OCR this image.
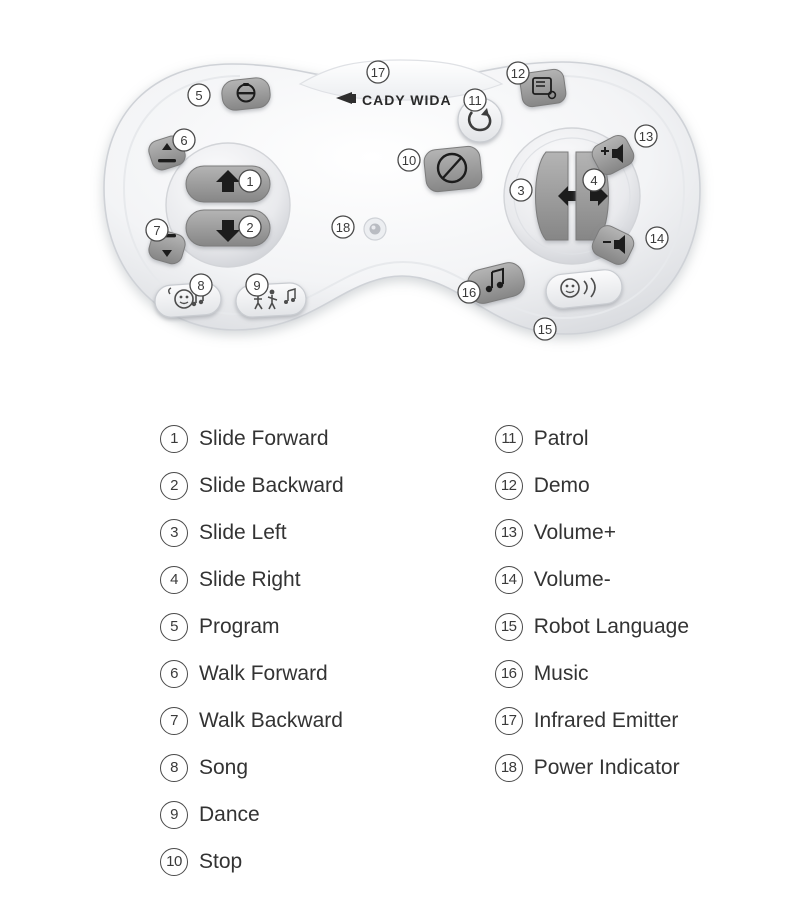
CADY WIDA
1
2
3
4
5
6
7
8	9
10
11
12
13
14
15
16
17
18
1	Slide Forward
2	Slide Backward
3	Slide Left
4	Slide Right
5	Program
6	Walk Forward
7	Walk Backward
8	Song
9	Dance
10 Stop
11 Patrol
12 Demo
13 Volume+
14 Volume-
15 Robot Language
16 Music
17 Infrared Emitter
18 Power Indicator
